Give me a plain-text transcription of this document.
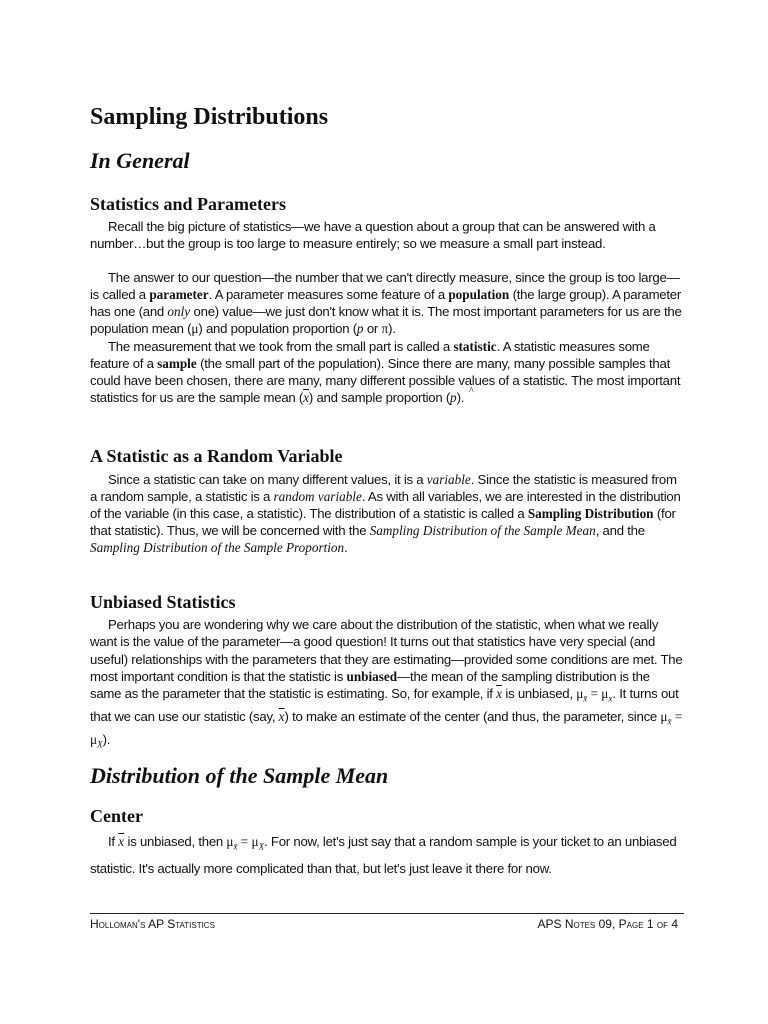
Sampling Distributions
In General
Statistics and Parameters

Recall the big picture of statistics—we have a question about a group that can be answered with a number…but the group is too large to measure entirely; so we measure a small part instead.

The answer to our question—the number that we can't directly measure, since the group is too large—is called a parameter. A parameter measures some feature of a population (the large group). A parameter has one (and only one) value—we just don't know what it is. The most important parameters for us are the population mean (μ) and population proportion (p or π).

The measurement that we took from the small part is called a statistic. A statistic measures some feature of a sample (the small part of the population). Since there are many, many possible samples that could have been chosen, there are many, many different possible values of a statistic. The most important statistics for us are the sample mean $(\overline{x})$ and sample proportion (^ p).

A Statistic as a Random Variable

Since a statistic can take on many different values, it is a variable. Since the statistic is measured from a random sample, a statistic is a random variable. As with all variables, we are interested in the distribution of the variable (in this case, a statistic). The distribution of a statistic is called a Sampling Distribution (for that statistic). Thus, we will be concerned with the Sampling Distribution of the Sample Mean, and the Sampling Distribution of the Sample Proportion.

Unbiased Statistics

Perhaps you are wondering why we care about the distribution of the statistic, when what we really want is the value of the parameter—a good question! It turns out that statistics have very special (and useful) relationships with the parameters that they are estimating—provided some conditions are met. The most important condition is that the statistic is unbiased—the mean of the sampling distribution is the same as the parameter that the statistic is estimating. So, for example, if $\overline{x}$ is unbiased, $\mu_{x̄} = \mu_x$. It turns out that we can use our statistic (say, $\overline{x}$) to make an estimate of the center (and thus, the parameter, since $\mu_{x̄} = \mu_X$).

Distribution of the Sample Mean
Center

If $\overline{x}$ is unbiased, then $\mu_{x̄} = \mu_X$. For now, let's just say that a random sample is your ticket to an unbiased statistic. It's actually more complicated than that, but let's just leave it there for now.

Holloman's AP Statistics	APS Notes 09, Page 1 of 4
